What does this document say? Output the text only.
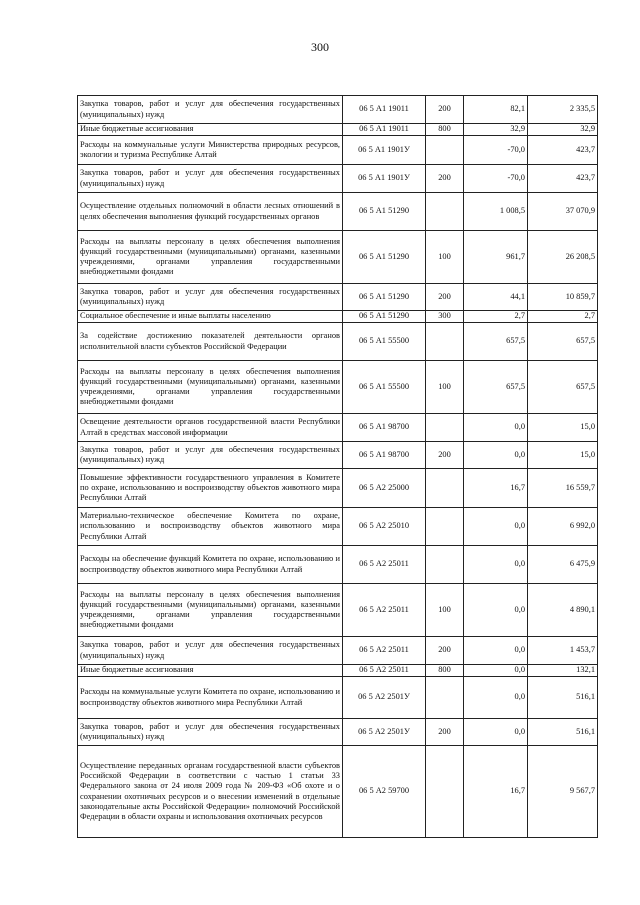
300
Закупка товаров, работ и услуг для обеспечения государственных (муниципальных) нужд	06 5 А1 19011	200	82,1	2 335,5
Иные бюджетные ассигнования	06 5 А1 19011	800	32,9	32,9
Расходы на коммунальные услуги Министерства природных ресурсов, экологии и туризма Республике Алтай	06 5 А1 1901У		-70,0	423,7
Закупка товаров, работ и услуг для обеспечения государственных (муниципальных) нужд	06 5 А1 1901У	200	-70,0	423,7
Осуществление отдельных полномочий в области лесных отношений в целях обеспечения выполнения функций государственных органов	06 5 А1 51290		1 008,5	37 070,9
Расходы на выплаты персоналу в целях обеспечения выполнения функций государственными (муниципальными) органами, казенными учреждениями, органами управления государственными внебюджетными фондами	06 5 А1 51290	100	961,7	26 208,5
Закупка товаров, работ и услуг для обеспечения государственных (муниципальных) нужд	06 5 А1 51290	200	44,1	10 859,7
Социальное обеспечение и иные выплаты населению	06 5 А1 51290	300	2,7	2,7
За содействие достижению показателей деятельности органов исполнительной власти субъектов Российской Федерации	06 5 А1 55500		657,5	657,5
Расходы на выплаты персоналу в целях обеспечения выполнения функций государственными (муниципальными) органами, казенными учреждениями, органами управления государственными внебюджетными фондами	06 5 А1 55500	100	657,5	657,5
Освещение деятельности органов государственной власти Республики Алтай в средствах массовой информации	06 5 А1 98700		0,0	15,0
Закупка товаров, работ и услуг для обеспечения государственных (муниципальных) нужд	06 5 А1 98700	200	0,0	15,0
Повышение эффективности государственного управления в Комитете по охране, использованию и воспроизводству объектов животного мира Республики Алтай	06 5 А2 25000		16,7	16 559,7
Материально-техническое обеспечение Комитета по охране, использованию и воспроизводству объектов животного мира Республики Алтай	06 5 А2 25010		0,0	6 992,0
Расходы на обеспечение функций Комитета по охране, использованию и воспроизводству объектов животного мира Республики Алтай	06 5 А2 25011		0,0	6 475,9
Расходы на выплаты персоналу в целях обеспечения выполнения функций государственными (муниципальными) органами, казенными учреждениями, органами управления государственными внебюджетными фондами	06 5 А2 25011	100	0,0	4 890,1
Закупка товаров, работ и услуг для обеспечения государственных (муниципальных) нужд	06 5 А2 25011	200	0,0	1 453,7
Иные бюджетные ассигнования	06 5 А2 25011	800	0,0	132,1
Расходы на коммунальные услуги Комитета по охране, использованию и воспроизводству объектов животного мира Республики Алтай	06 5 А2 2501У		0,0	516,1
Закупка товаров, работ и услуг для обеспечения государственных (муниципальных) нужд	06 5 А2 2501У	200	0,0	516,1
Осуществление переданных органам государственной власти субъектов Российской Федерации в соответствии с частью 1 статьи 33 Федерального закона от 24 июля 2009 года № 209-ФЗ «Об охоте и о сохранении охотничьих ресурсов и о внесении изменений в отдельные законодательные акты Российской Федерации» полномочий Российской Федерации в области охраны и использования охотничьих ресурсов	06 5 А2 59700		16,7	9 567,7
